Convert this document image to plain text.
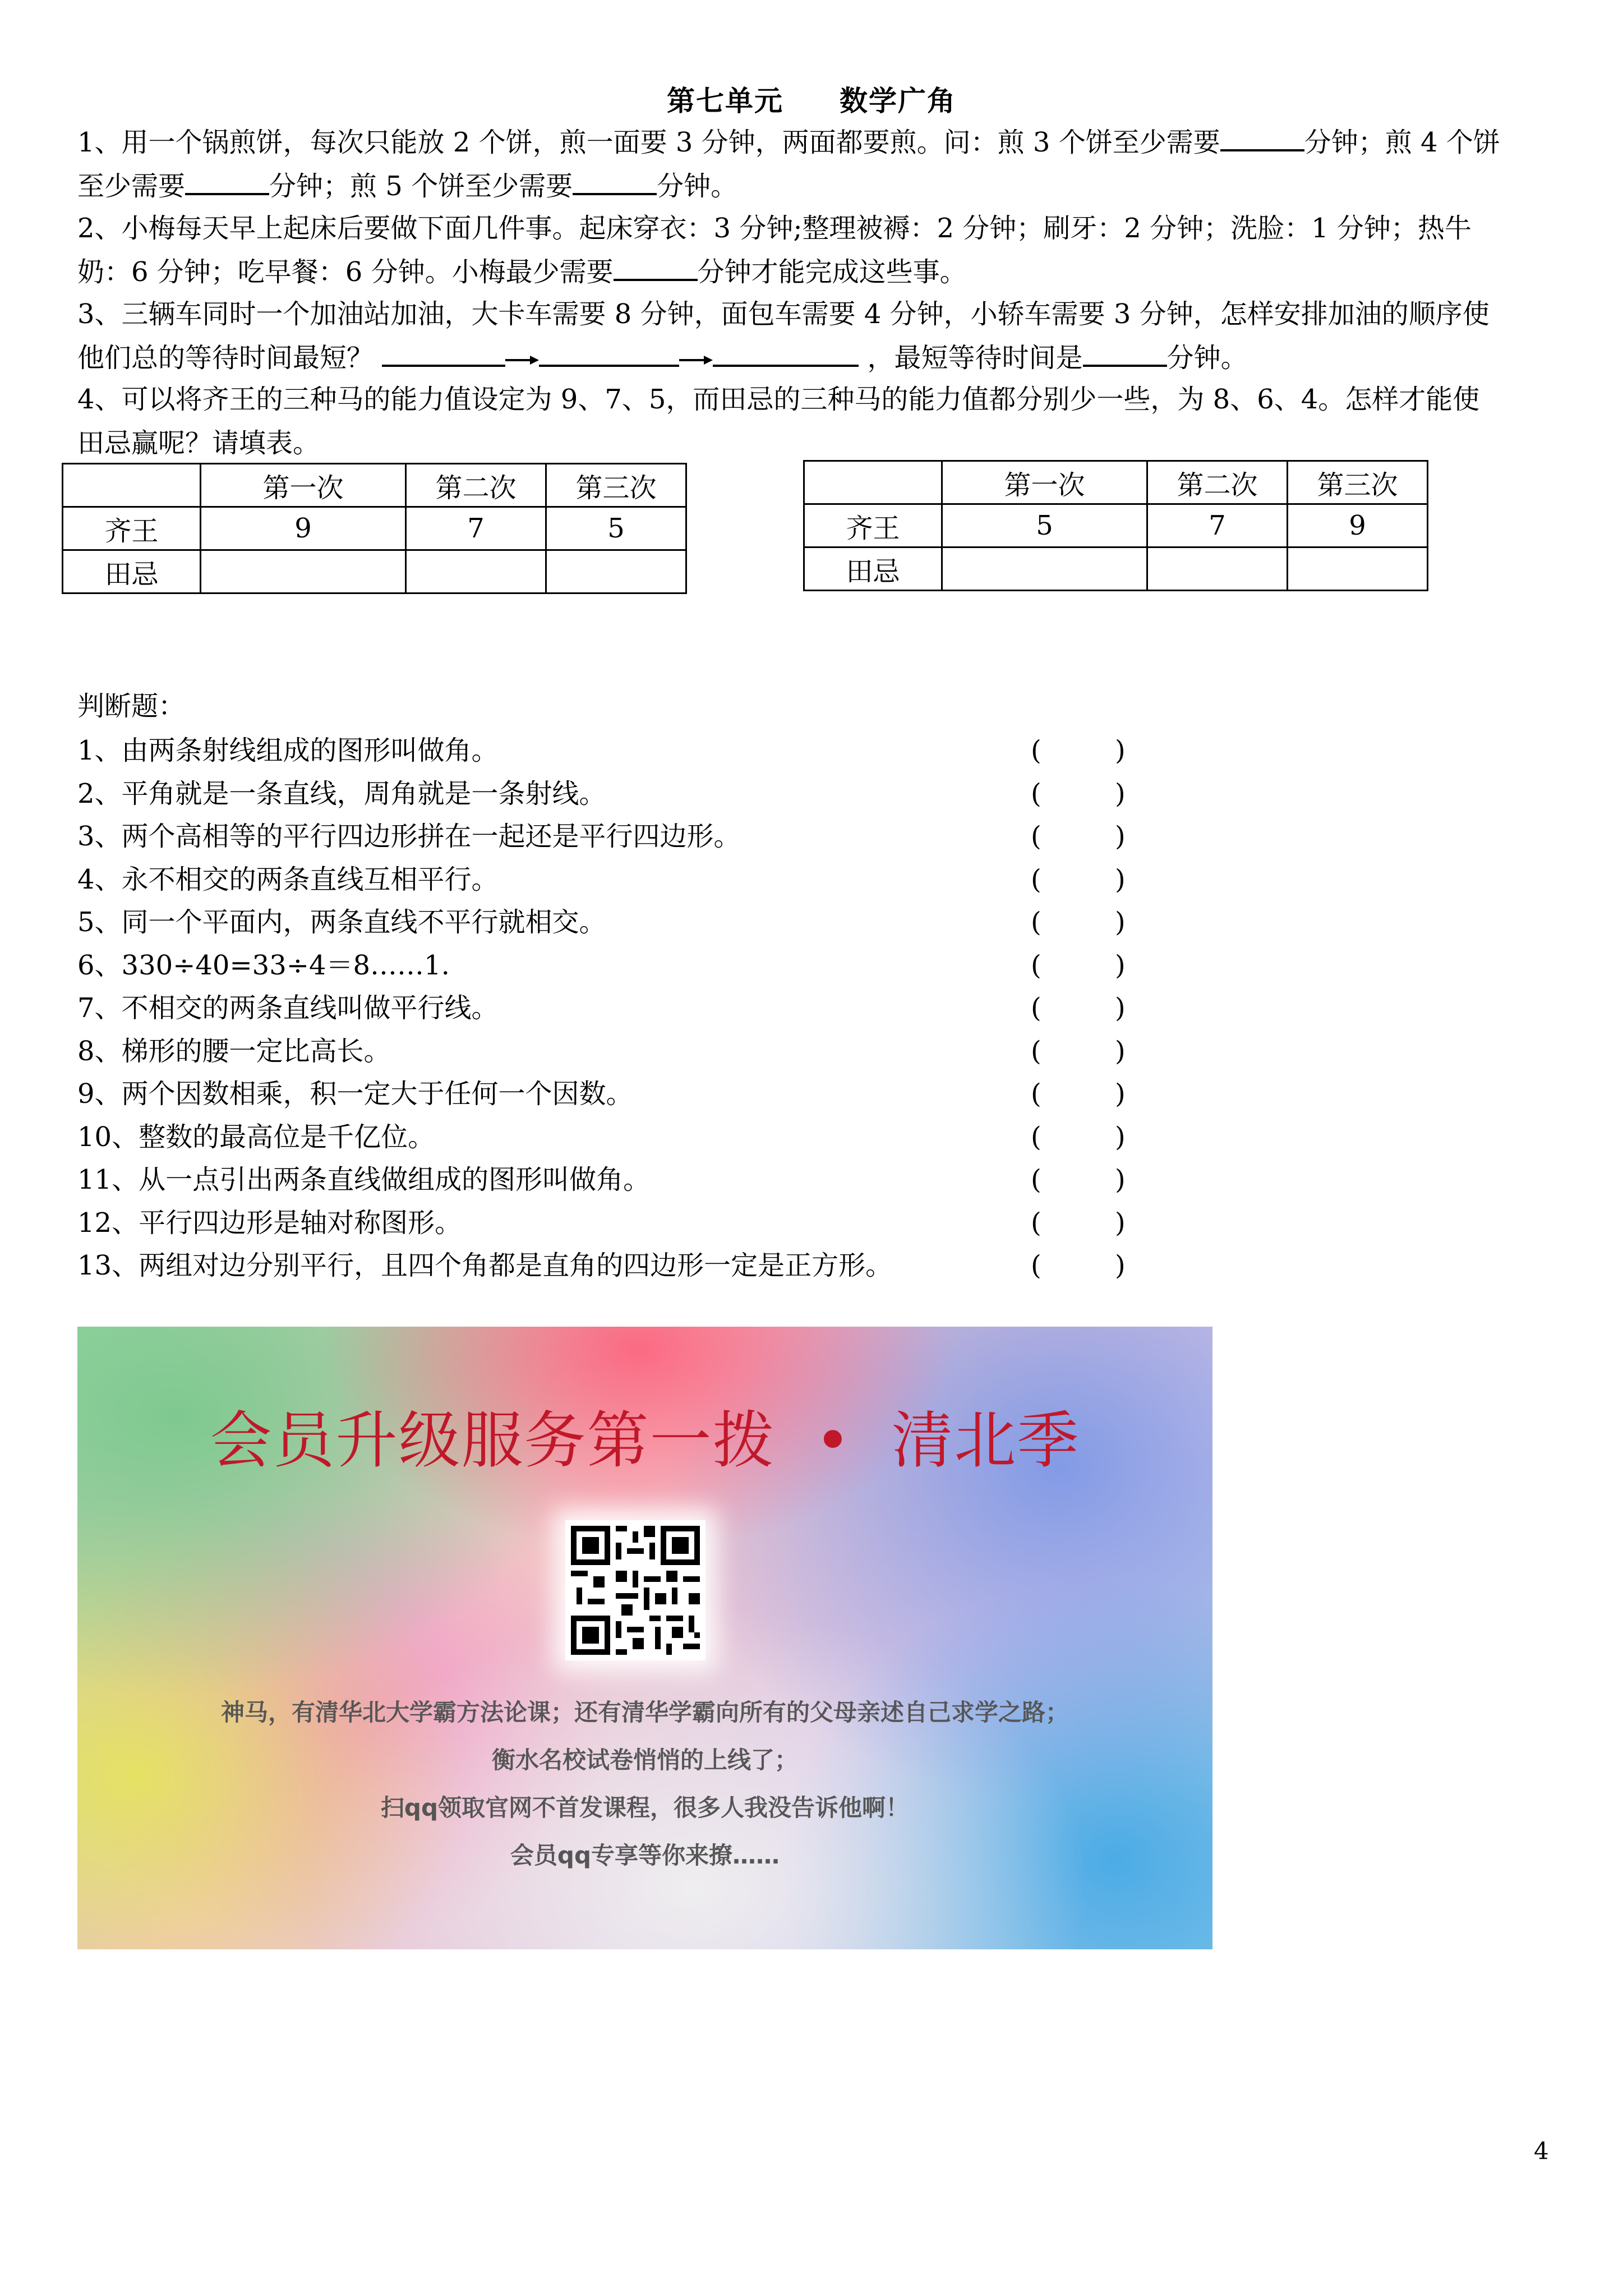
第七单元 数学广角
1、用一个锅煎饼，每次只能放 2 个饼，煎一面要 3 分钟，两面都要煎。问：煎 3 个饼至少需要	分钟；煎 4 个饼
至少需要	分钟；煎 5 个饼至少需要	分钟。
2、小梅每天早上起床后要做下面几件事。起床穿衣：3 分钟;整理被褥：2 分钟；刷牙：2 分钟；洗脸：1 分钟；热牛
奶：6 分钟；吃早餐：6 分钟。小梅最少需要	分钟才能完成这些事。
3、三辆车同时一个加油站加油，大卡车需要 8 分钟，面包车需要 4 分钟，小轿车需要 3 分钟，怎样安排加油的顺序使
他们总的等待时间最短？	，最短等待时间是	分钟。
4、可以将齐王的三种马的能力值设定为 9、7、5，而田忌的三种马的能力值都分别少一些，为 8、6、4。怎样才能使
田忌赢呢？请填表。
	第一次	第二次	第三次
齐王	9	7	5
田忌			
	第一次	第二次	第三次
齐王	5	7	9
田忌			
判断题：
1、由两条射线组成的图形叫做角。	(	)
2、平角就是一条直线，周角就是一条射线。	(	)
3、两个高相等的平行四边形拼在一起还是平行四边形。	(	)
4、永不相交的两条直线互相平行。	(	)
5、同一个平面内，两条直线不平行就相交。	(	)
6、330÷40=33÷4＝8……1.	(	)
7、不相交的两条直线叫做平行线。	(	)
8、梯形的腰一定比高长。	(	)
9、两个因数相乘，积一定大于任何一个因数。	(	)
10、整数的最高位是千亿位。	(	)
11、从一点引出两条直线做组成的图形叫做角。	(	)
12、平行四边形是轴对称图形。	(	)
13、两组对边分别平行，且四个角都是直角的四边形一定是正方形。	(	)
会员升级服务第一拨 • 清北季
神马，有清华北大学霸方法论课；还有清华学霸向所有的父母亲述自己求学之路；
衡水名校试卷悄悄的上线了；
扫qq领取官网不首发课程，很多人我没告诉他啊！
会员qq专享等你来撩……
4
